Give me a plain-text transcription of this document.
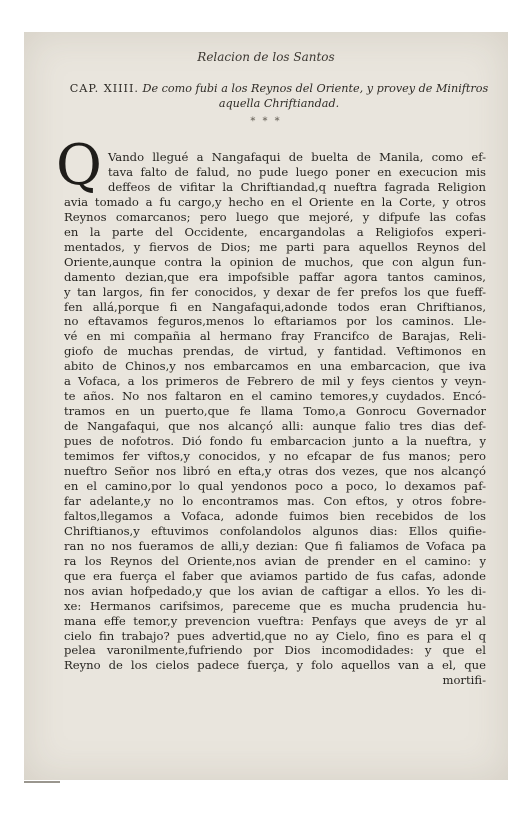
Relacion de los Santos
CAP. XIIII. De como fubi a los Reynos del Oriente, y provey de Miniftros aquella Chriftiandad.
* * *
Q Vando llegué a Nangafaqui de buelta de Manila, como ef-
tava falto de falud, no pude luego poner en execucion mis
deffeos de vifitar la Chriftiandad,q nueftra fagrada Religion
avia tomado a fu cargo,y hecho en el Oriente en la Corte, y otros
Reynos comarcanos; pero luego que mejoré, y difpufe las cofas
en la parte del Occidente, encargandolas a Religiofos experi-
mentados, y fiervos de Dios; me parti para aquellos Reynos del
Oriente,aunque contra la opinion de muchos, que con algun fun-
damento dezian,que era impofsible paffar agora tantos caminos,
y tan largos, fin fer conocidos, y dexar de fer prefos los que fueff-
fen allá,porque fi en Nangafaqui,adonde todos eran Chriftianos,
no eftavamos feguros,menos lo eftariamos por los caminos. Lle-
vé en mi compañia al hermano fray Francifco de Barajas, Reli-
giofo de muchas prendas, de virtud, y fantidad. Veftimonos en
abito de Chinos,y nos embarcamos en una embarcacion, que iva
a Vofaca, a los primeros de Febrero de mil y feys cientos y veyn-
te años. No nos faltaron en el camino temores,y cuydados. Encó-
tramos en un puerto,que fe llama Tomo,a Gonrocu Governador
de Nangafaqui, que nos alcançó alli: aunque falio tres dias def-
pues de nofotros. Dió fondo fu embarcacion junto a la nueftra, y
temimos fer viftos,y conocidos, y no efcapar de fus manos; pero
nueftro Señor nos libró en efta,y otras dos vezes, que nos alcançó
en el camino,por lo qual yendonos poco a poco, lo dexamos paf-
far adelante,y no lo encontramos mas. Con eftos, y otros fobre-
faltos,llegamos a Vofaca, adonde fuimos bien recebidos de los
Chriftianos,y eftuvimos confolandolos algunos dias: Ellos quifie-
ran no nos fueramos de alli,y dezian: Que fi faliamos de Vofaca pa
ra los Reynos del Oriente,nos avian de prender en el camino: y
que era fuerça el faber que aviamos partido de fus cafas, adonde
nos avian hofpedado,y que los avian de caftigar a ellos. Yo les di-
xe: Hermanos carifsimos, pareceme que es mucha prudencia hu-
mana effe temor,y prevencion vueftra: Penfays que aveys de yr al
cielo fin trabajo? pues advertid,que no ay Cielo, fino es para el q
pelea varonilmente,fufriendo por Dios incomodidades: y que el
Reyno de los cielos padece fuerça, y folo aquellos van a el, que
mortifi-
